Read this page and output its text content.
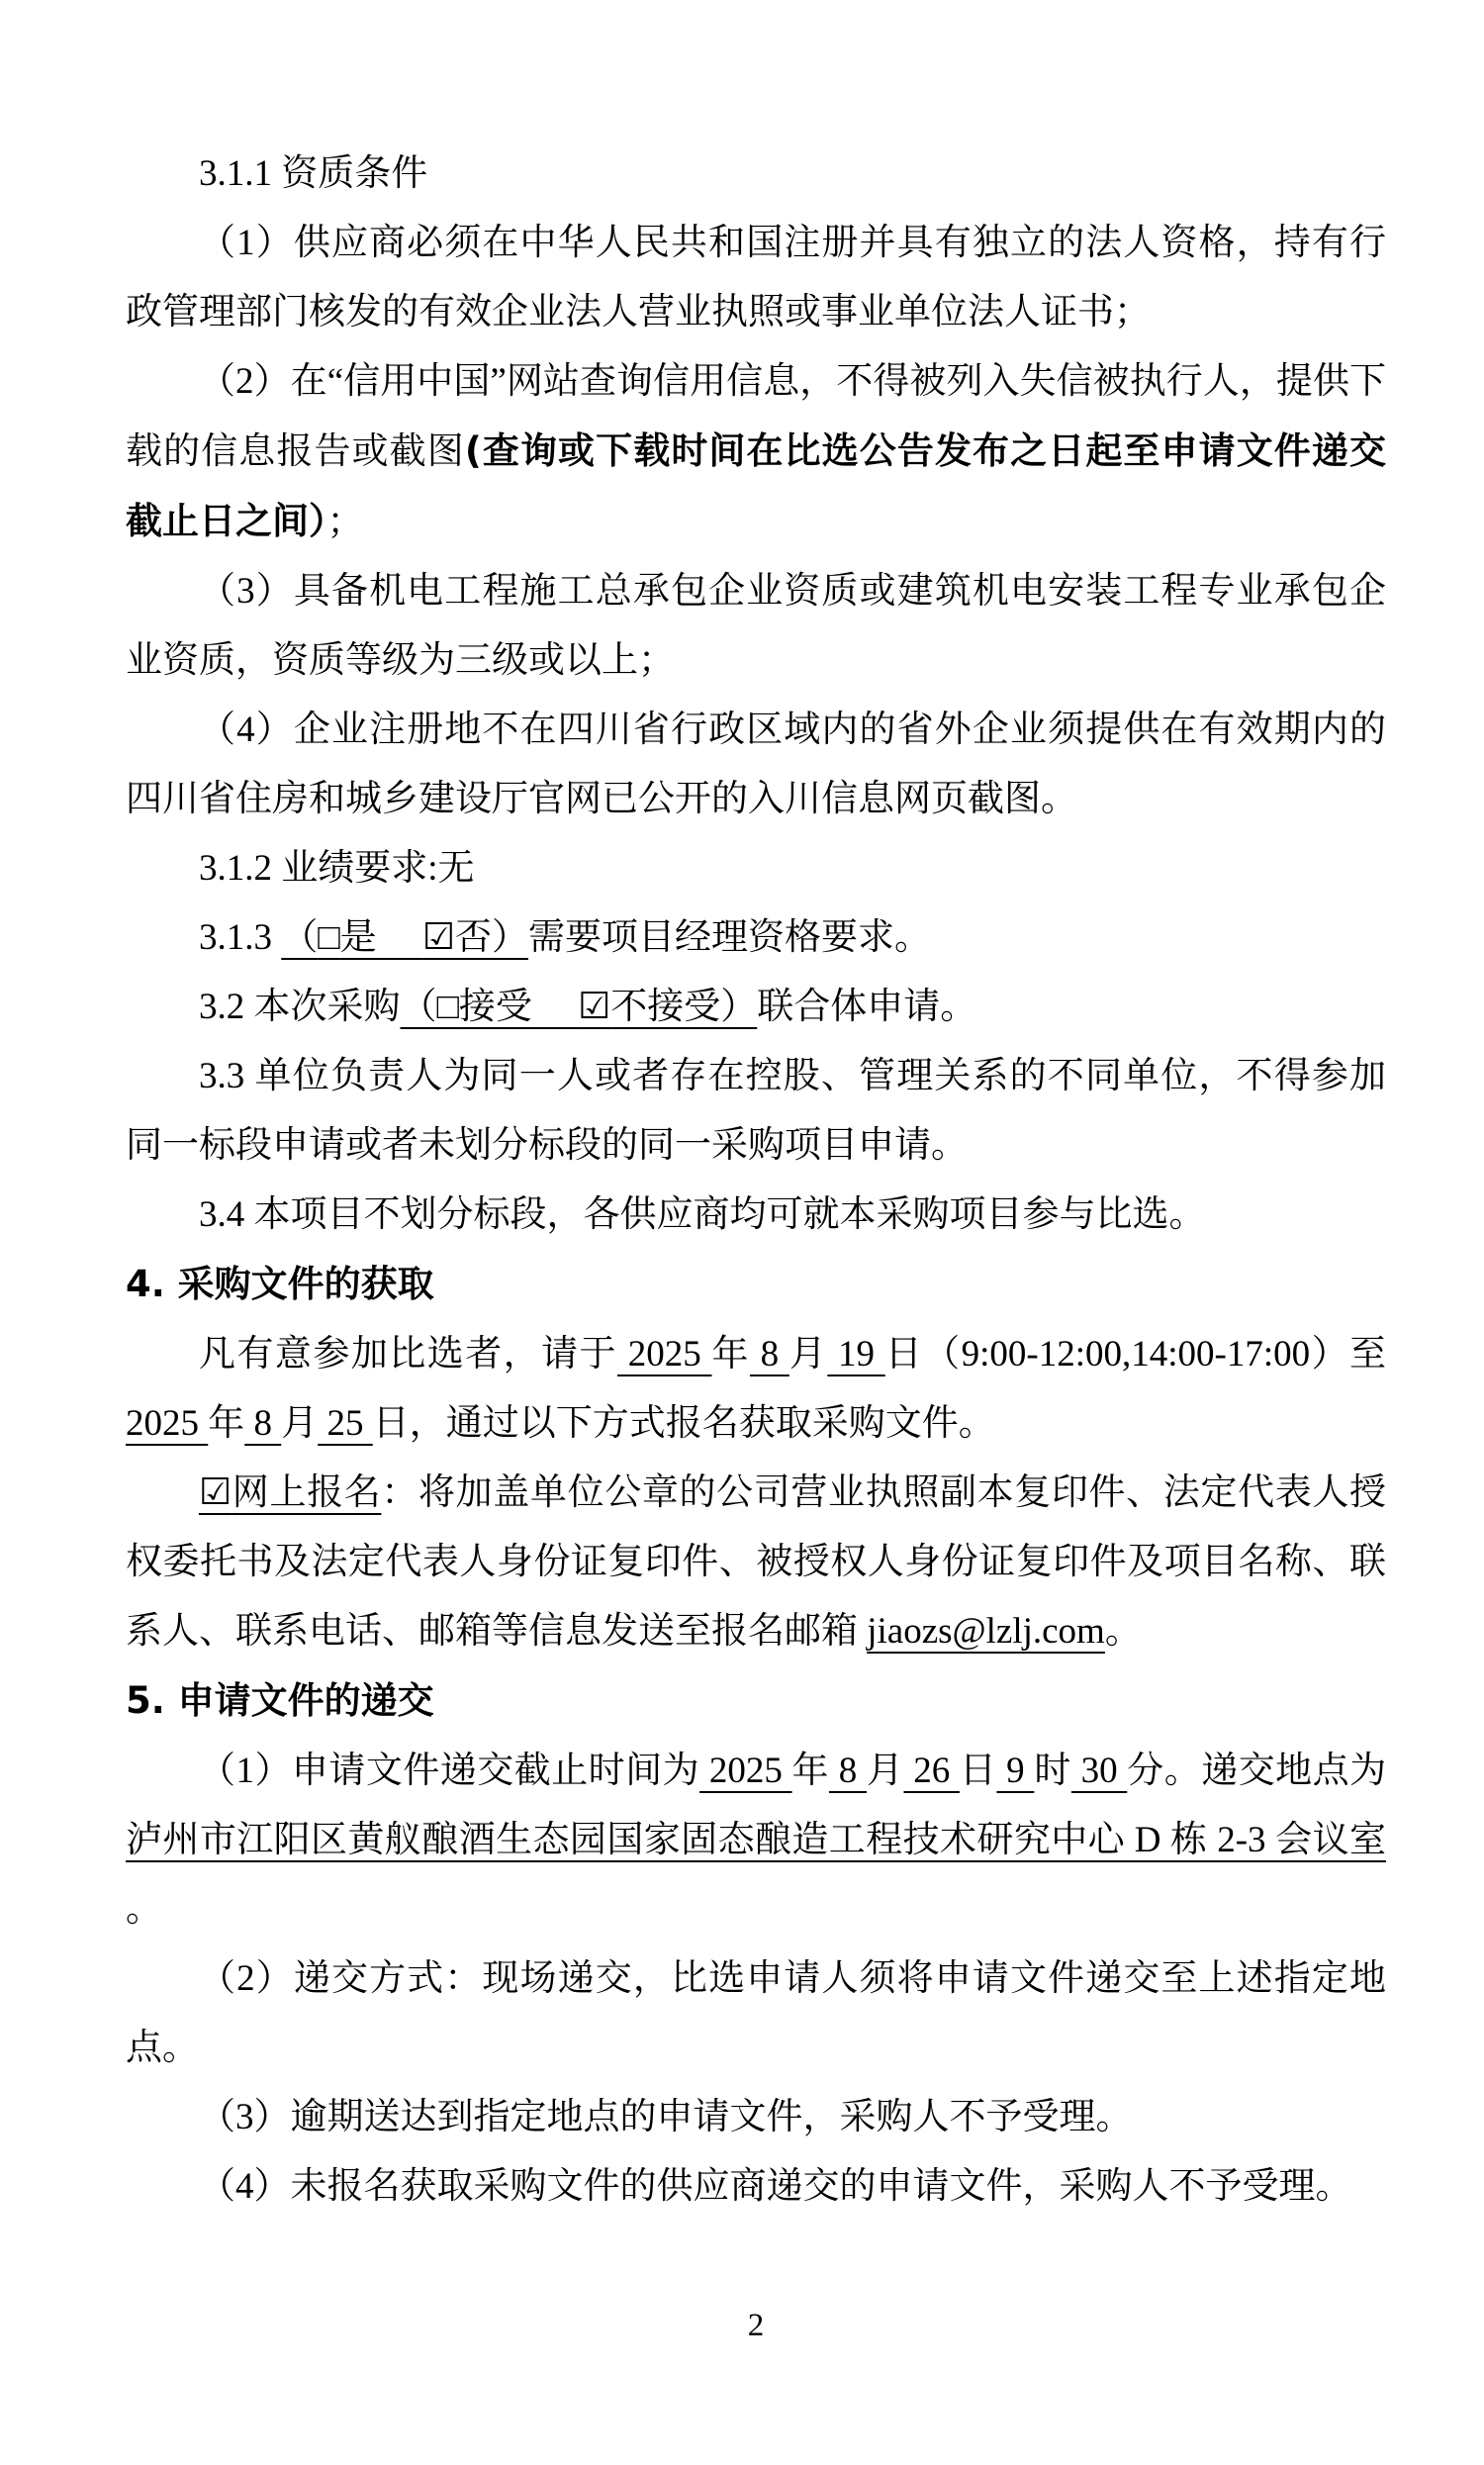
3.1.1 资质条件

（1）供应商必须在中华人民共和国注册并具有独立的法人资格，持有行政管理部门核发的有效企业法人营业执照或事业单位法人证书；

（2）在“信用中国”网站查询信用信息，不得被列入失信被执行人，提供下载的信息报告或截图(查询或下载时间在比选公告发布之日起至申请文件递交截止日之间）；

（3）具备机电工程施工总承包企业资质或建筑机电安装工程专业承包企业资质，资质等级为三级或以上；

（4）企业注册地不在四川省行政区域内的省外企业须提供在有效期内的四川省住房和城乡建设厅官网已公开的入川信息网页截图。

3.1.2 业绩要求:无

3.1.3 （□是　 ☑否）需要项目经理资格要求。

3.2 本次采购（□接受　 ☑不接受）联合体申请。

3.3 单位负责人为同一人或者存在控股、管理关系的不同单位，不得参加同一标段申请或者未划分标段的同一采购项目申请。

3.4 本项目不划分标段，各供应商均可就本采购项目参与比选。

4. 采购文件的获取

凡有意参加比选者，请于 2025 年 8 月 19 日（9:00-12:00,14:00-17:00）至 2025 年 8 月 25 日，通过以下方式报名获取采购文件。

☑网上报名：将加盖单位公章的公司营业执照副本复印件、法定代表人授权委托书及法定代表人身份证复印件、被授权人身份证复印件及项目名称、联系人、联系电话、邮箱等信息发送至报名邮箱 jiaozs@lzlj.com。

5. 申请文件的递交

（1）申请文件递交截止时间为 2025 年 8 月 26 日 9 时 30 分。递交地点为 泸州市江阳区黄舣酿酒生态园国家固态酿造工程技术研究中心 D 栋 2-3 会议室 。

（2）递交方式：现场递交，比选申请人须将申请文件递交至上述指定地点。

（3）逾期送达到指定地点的申请文件，采购人不予受理。

（4）未报名获取采购文件的供应商递交的申请文件，采购人不予受理。

2
